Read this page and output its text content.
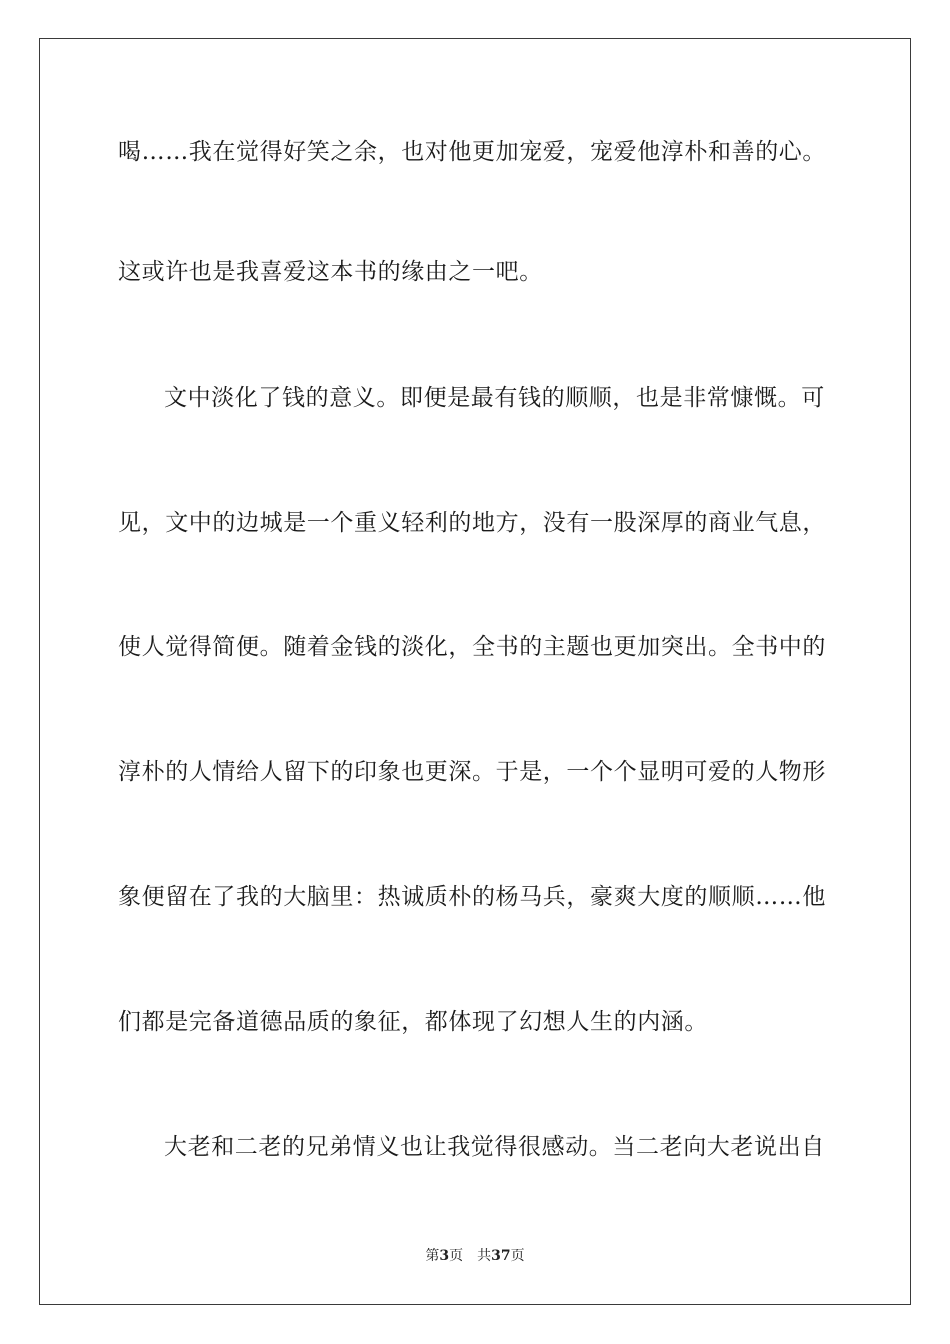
喝……我在觉得好笑之余，也对他更加宠爱，宠爱他淳朴和善的心。
这或许也是我喜爱这本书的缘由之一吧。
文中淡化了钱的意义。即便是最有钱的顺顺，也是非常慷慨。可
见，文中的边城是一个重义轻利的地方，没有一股深厚的商业气息，
使人觉得简便。随着金钱的淡化，全书的主题也更加突出。全书中的
淳朴的人情给人留下的印象也更深。于是，一个个显明可爱的人物形
象便留在了我的大脑里：热诚质朴的杨马兵，豪爽大度的顺顺……他
们都是完备道德品质的象征，都体现了幻想人生的内涵。
大老和二老的兄弟情义也让我觉得很感动。当二老向大老说出自
第3页 共37页
